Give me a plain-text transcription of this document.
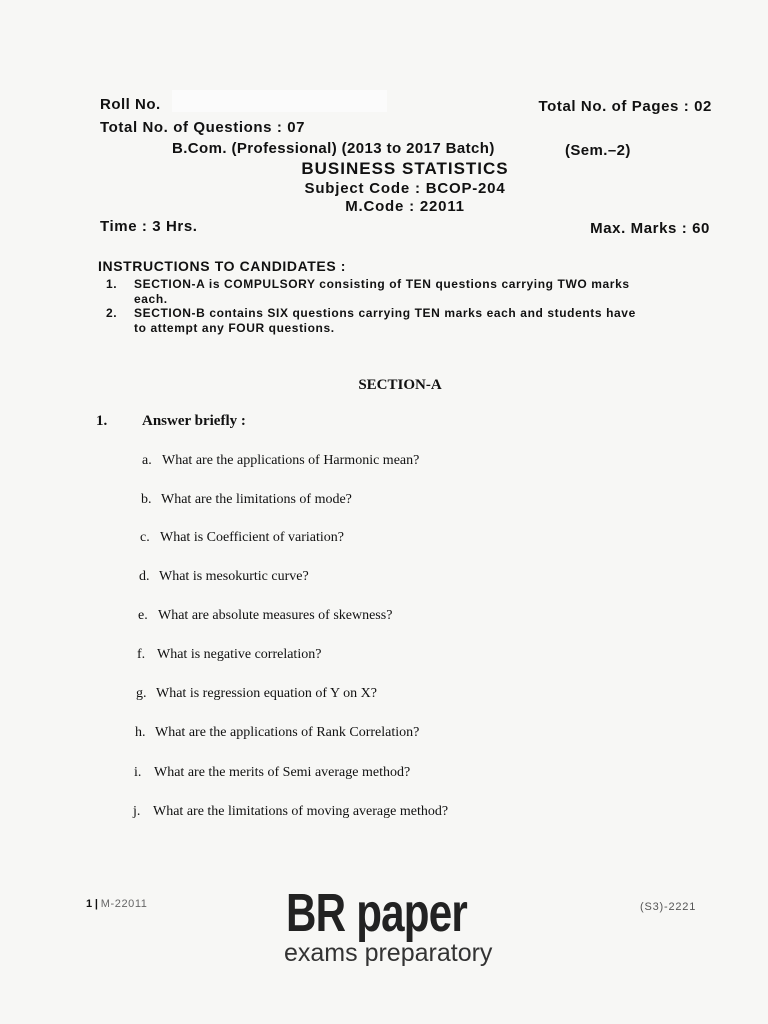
Roll No.	Total No. of Pages : 02
Total No. of Questions : 07
B.Com. (Professional) (2013 to 2017 Batch)	(Sem.–2)
BUSINESS STATISTICS
Subject Code : BCOP-204
M.Code : 22011
Time : 3 Hrs.	Max. Marks : 60
INSTRUCTIONS TO CANDIDATES :
1. SECTION-A is COMPULSORY consisting of TEN questions carrying TWO marks
each.
2. SECTION-B contains SIX questions carrying TEN marks each and students have
to attempt any FOUR questions.
SECTION-A
1. Answer briefly :
a. What are the applications of Harmonic mean?
b. What are the limitations of mode?
c. What is Coefficient of variation?
d. What is mesokurtic curve?
e. What are absolute measures of skewness?
f. What is negative correlation?
g. What is regression equation of Y on X?
h. What are the applications of Rank Correlation?
i. What are the merits of Semi average method?
j. What are the limitations of moving average method?
1 | M-22011	(S3)-2221
BR paper
exams preparatory
